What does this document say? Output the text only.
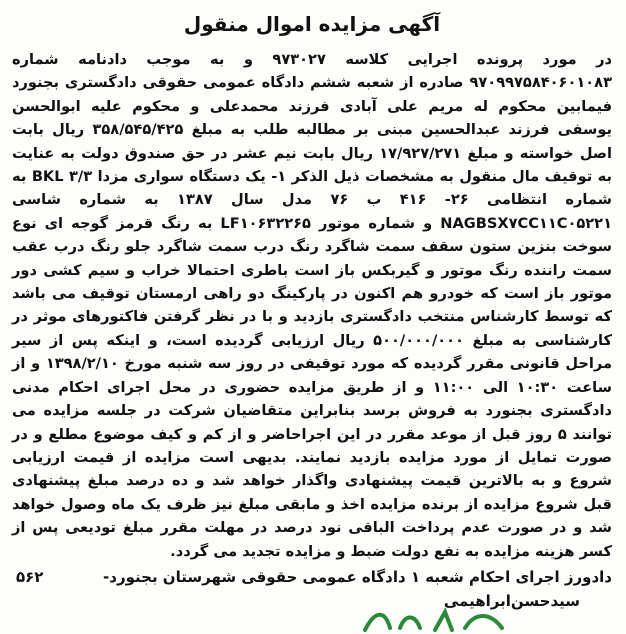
آگهی مزایده اموال منقول

در مورد پرونده اجرایی کلاسه ۹۷۳۰۲۷ و به موجب دادنامه شماره ۹۷۰۹۹۷۵۸۴۰۶۰۱۰۸۳ صادره از شعبه ششم دادگاه عمومی حقوقی دادگستری بجنورد فیمابین محکوم له مریم علی آبادی فرزند محمدعلی و محکوم علیه ابوالحسن یوسفی فرزند عبدالحسین مبنی بر مطالبه طلب به مبلغ ۳۵۸/۵۴۵/۴۲۵ ریال بابت اصل خواسته و مبلغ ۱۷/۹۲۷/۲۷۱ ریال بابت نیم عشر در حق صندوق دولت به عنایت به توقیف مال منقول به مشخصات ذیل الذکر ۱- یک دستگاه سواری مزدا BKL ۳/۳ به شماره انتظامی ۲۶- ۴۱۶ ب ۷۶ مدل سال ۱۳۸۷ به شماره شاسی NAGBSX۷CC۱۱C۰۵۲۲۱ و شماره موتور LF۱۰۶۳۲۲۶۵ به رنگ قرمز گوجه ای نوع سوخت بنزین ستون سقف سمت شاگرد رنگ درب سمت شاگرد جلو رنگ درب عقب سمت راننده رنگ موتور و گیربکس باز است باطری احتمالا خراب و سیم کشی دور موتور باز است که خودرو هم اکنون در پارکینگ دو راهی ارمستان توقیف می باشد که توسط کارشناس منتخب دادگستری بازدید و با در نظر گرفتن فاکتورهای موثر در کارشناسی به مبلغ ۵۰۰/۰۰۰/۰۰۰ ریال ارزیابی گردیده است، و اینکه پس از سیر مراحل قانونی مقرر گردیده که مورد توقیفی در روز سه شنبه مورخ ۱۳۹۸/۲/۱۰ و از ساعت ۱۰:۳۰ الی ۱۱:۰۰ و از طریق مزایده حضوری در محل اجرای احکام مدنی دادگستری بجنورد به فروش برسد بنابراین متقاضیان شرکت در جلسه مزایده می توانند ۵ روز قبل از موعد مقرر در این اجراحاضر و از کم و کیف موضوع مطلع و در صورت تمایل از مورد مزایده بازدید نمایند. بدیهی است مزایده از قیمت ارزیابی شروع و به بالاترین قیمت پیشنهادی واگذار خواهد شد و ده درصد مبلغ پیشنهادی قبل شروع مزایده از برنده مزایده اخذ و مابقی مبلغ نیز ظرف یک ماه وصول خواهد شد و در صورت عدم پرداخت الباقی نود درصد در مهلت مقرر مبلغ تودیعی پس از کسر هزینه مزایده به نفع دولت ضبط و مزایده تجدید می گردد.

دادورز اجرای احکام شعبه ۱ دادگاه عمومی حقوقی شهرستان بجنورد-
۵۶۲
سیدحسن‌ابراهیمی
